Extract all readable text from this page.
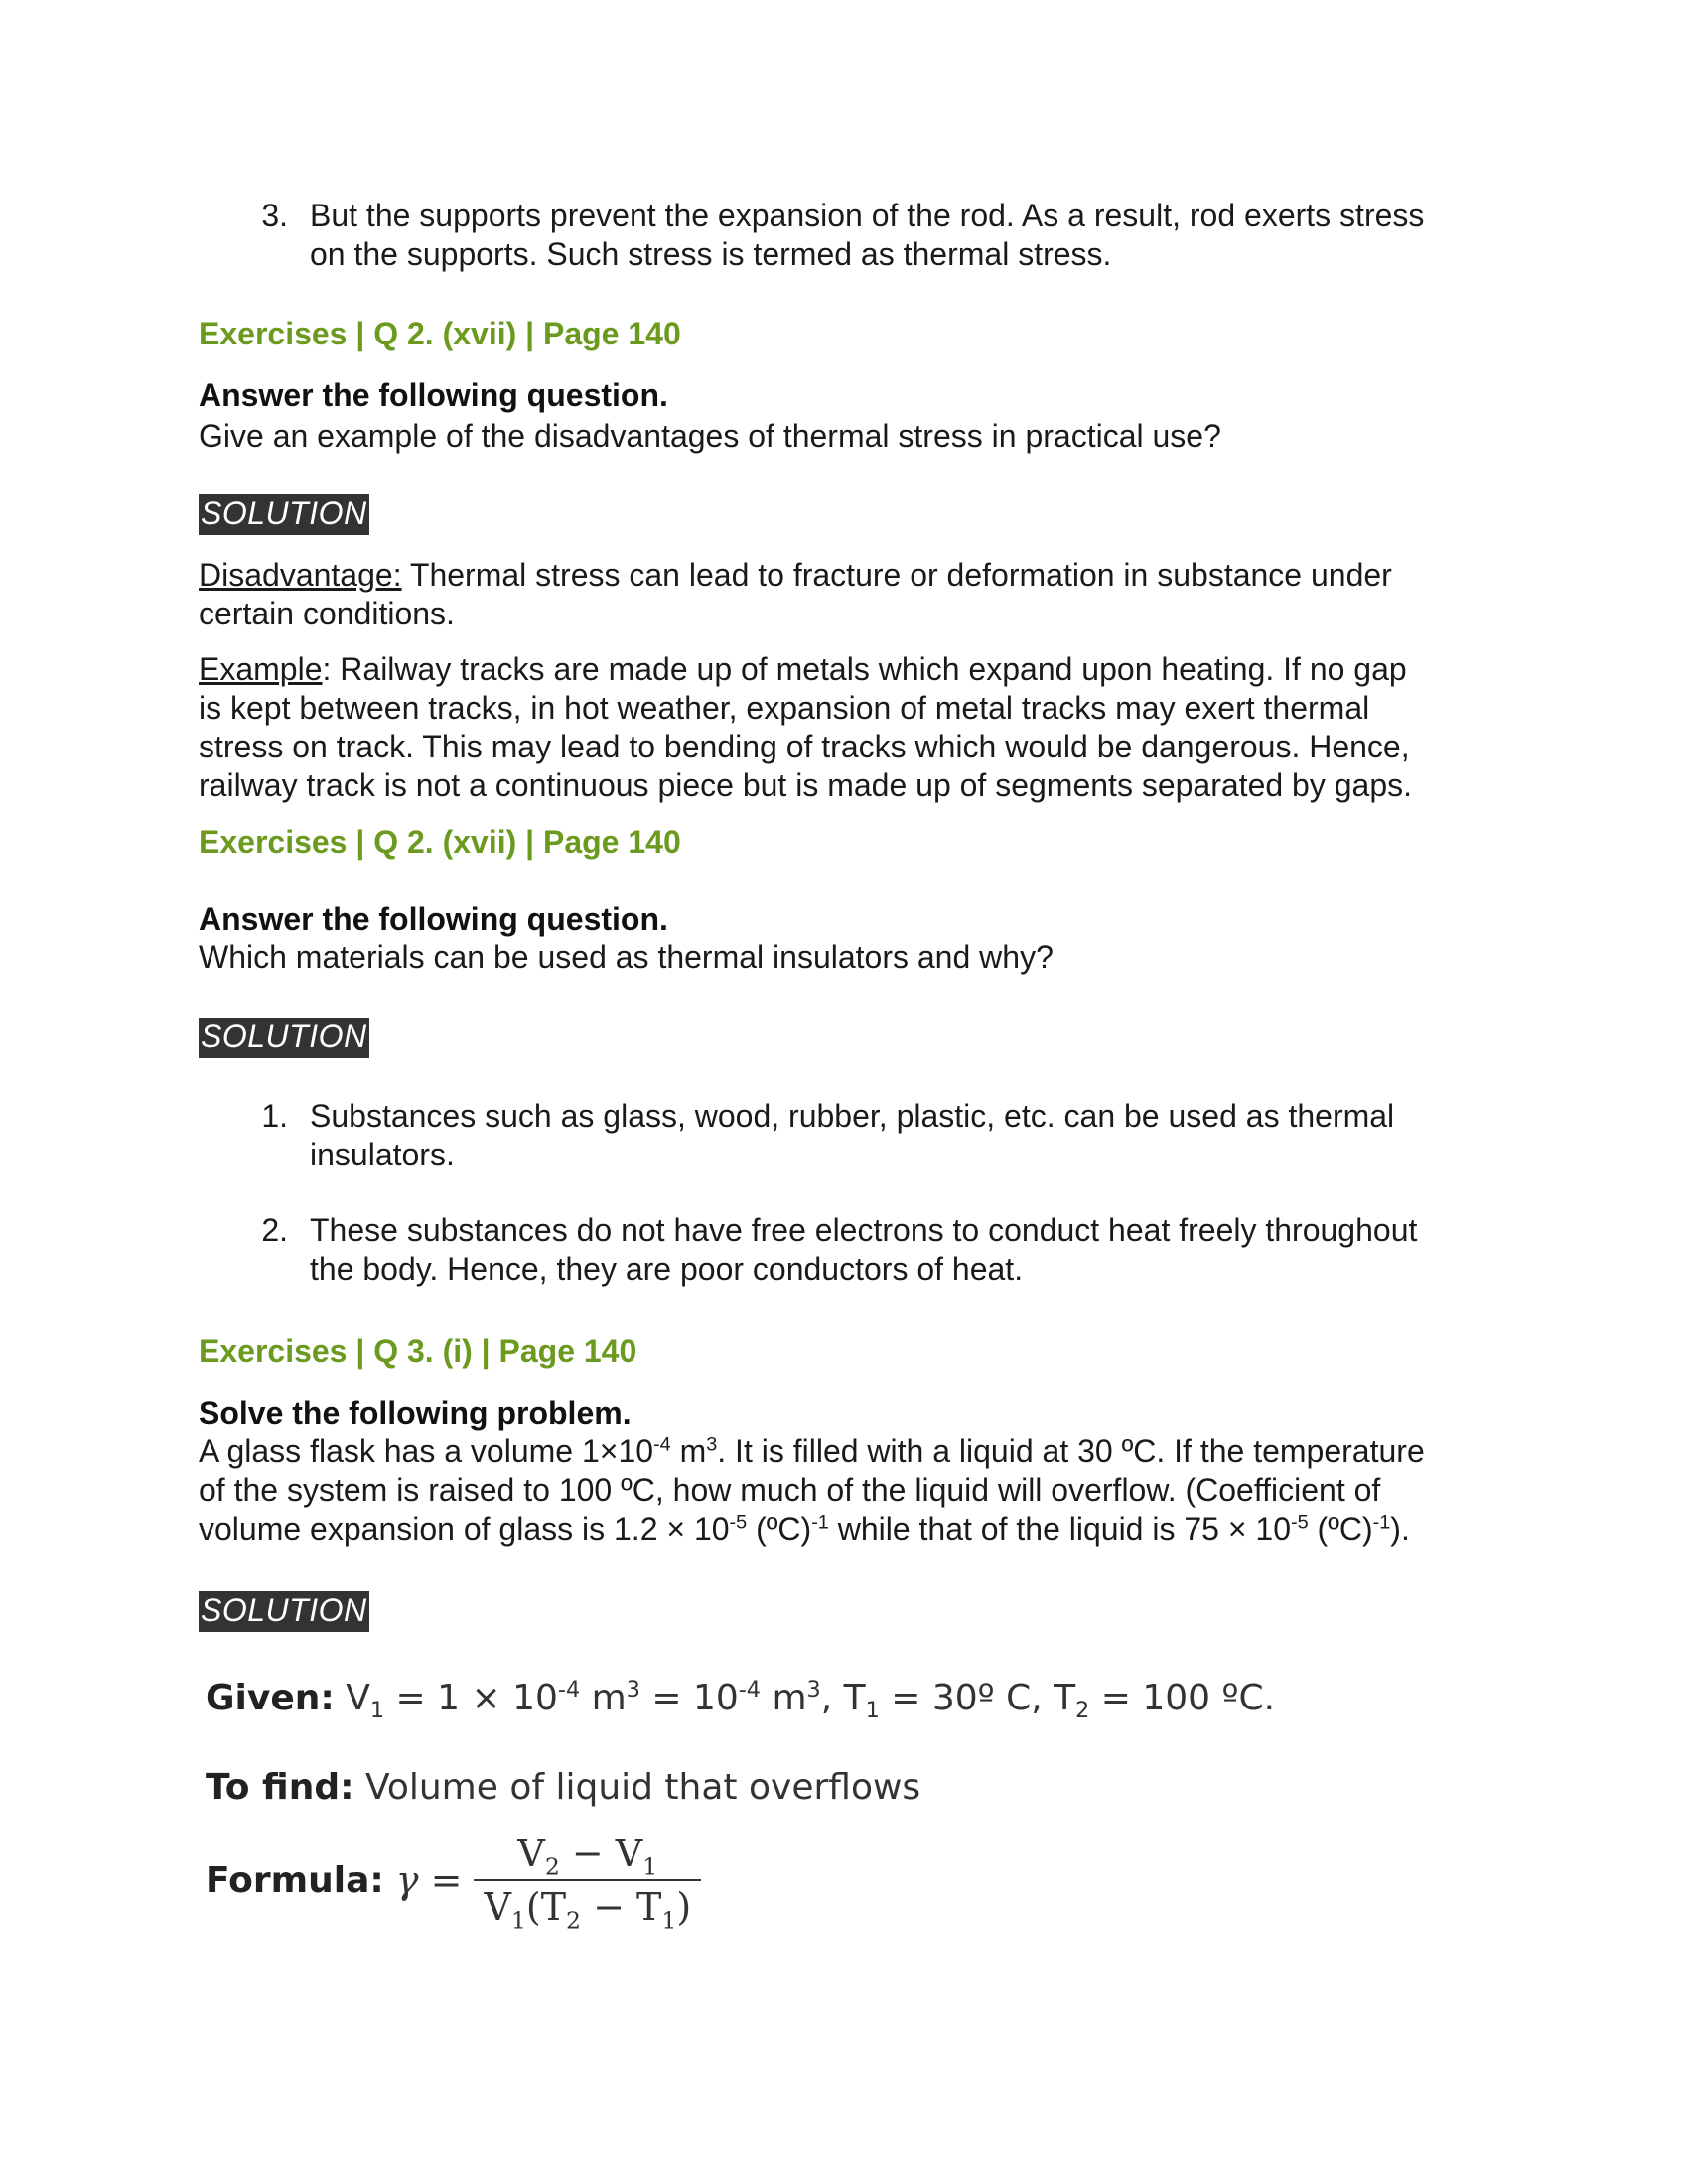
3. But the supports prevent the expansion of the rod. As a result, rod exerts stress
on the supports. Such stress is termed as thermal stress.
Exercises | Q 2. (xvii) | Page 140
Answer the following question.
Give an example of the disadvantages of thermal stress in practical use?
SOLUTION
Disadvantage: Thermal stress can lead to fracture or deformation in substance under
certain conditions.
Example: Railway tracks are made up of metals which expand upon heating. If no gap
is kept between tracks, in hot weather, expansion of metal tracks may exert thermal
stress on track. This may lead to bending of tracks which would be dangerous. Hence,
railway track is not a continuous piece but is made up of segments separated by gaps.
Exercises | Q 2. (xvii) | Page 140
Answer the following question.
Which materials can be used as thermal insulators and why?
SOLUTION
1. Substances such as glass, wood, rubber, plastic, etc. can be used as thermal
insulators.
2. These substances do not have free electrons to conduct heat freely throughout
the body. Hence, they are poor conductors of heat.
Exercises | Q 3. (i) | Page 140
Solve the following problem.
A glass flask has a volume $1\times 10^{-4}$ $m^3$. It is filled with a liquid at 30 ºC. If the temperature
of the system is raised to 100 ºC, how much of the liquid will overflow. (Coefficient of
volume expansion of glass is $1.2 \times 10^{-5}$ (ºC)$^{-1}$ while that of the liquid is $75 \times 10^{-5}$ (ºC)$^{-1}$).
SOLUTION
Given: $V_1 = 1 \times 10^{-4}$ $m^3 = 10^{-4}$ $m^3$, $T_1$ = 30º C, $T_2 = 100$ ºC.
To find: Volume of liquid that overflows
Formula: $\gamma = \frac{V_2 - V_1}{V_1(T_2 - T_1)}$
